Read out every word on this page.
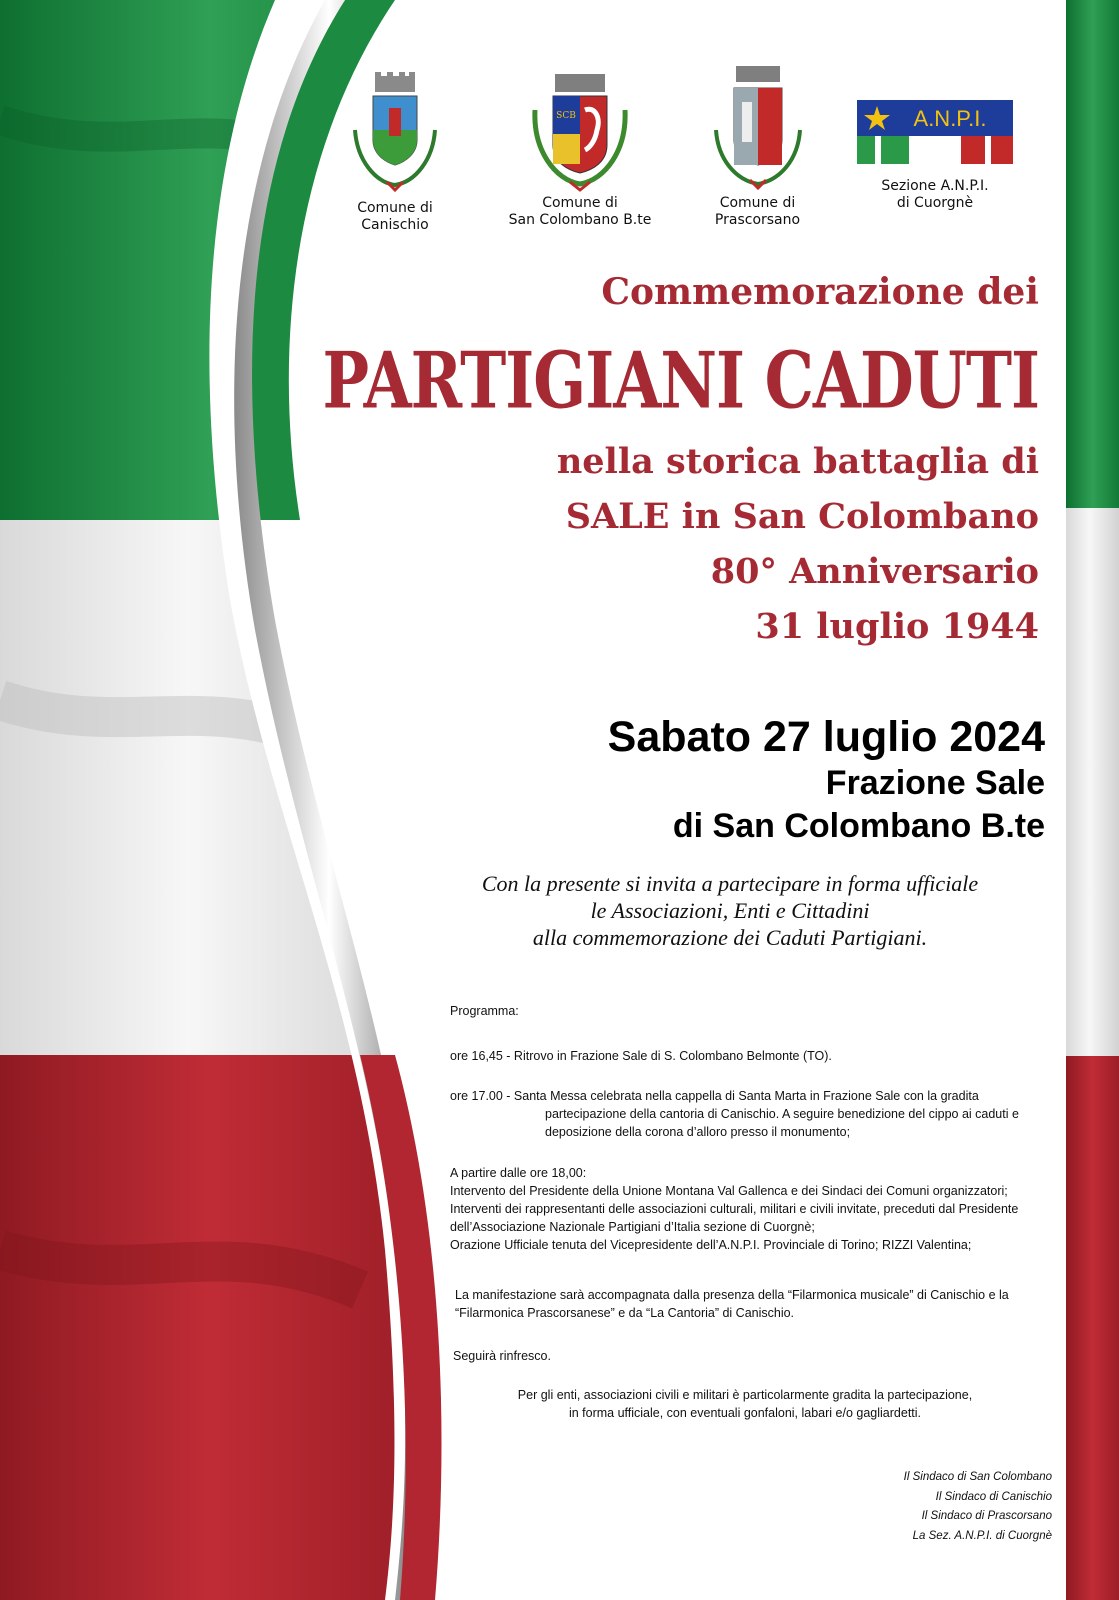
Comune di
Canischio
SCB
Comune di
San Colombano B.te
Comune di
Prascorsano
A.N.P.I.
Sezione A.N.P.I.
di Cuorgnè
Commemorazione dei
PARTIGIANI CADUTI
nella storica battaglia di
SALE in San Colombano
80° Anniversario
31 luglio 1944
Sabato 27 luglio 2024
Frazione Sale
di San Colombano B.te
Con la presente si invita a partecipare in forma ufficiale
le Associazioni, Enti e Cittadini
alla commemorazione dei Caduti Partigiani.
Programma:
ore 16,45 - Ritrovo in Frazione Sale di S. Colombano Belmonte (TO).
ore 17.00 - Santa Messa celebrata nella cappella di Santa Marta in Frazione Sale con la gradita
partecipazione della cantoria di Canischio. A seguire benedizione del cippo ai caduti e
deposizione della corona d’alloro presso il monumento;
A partire dalle ore 18,00:
Intervento del Presidente della Unione Montana Val Gallenca e dei Sindaci dei Comuni organizzatori;
Interventi dei rappresentanti delle associazioni culturali, militari e civili invitate, preceduti dal Presidente
dell’Associazione Nazionale Partigiani d’Italia sezione di Cuorgnè;
Orazione Ufficiale tenuta del Vicepresidente dell’A.N.P.I. Provinciale di Torino; RIZZI Valentina;
La manifestazione sarà accompagnata dalla presenza della “Filarmonica musicale” di Canischio e la
“Filarmonica Prascorsanese” e da “La Cantoria” di Canischio.
Seguirà rinfresco.
Per gli enti, associazioni civili e militari è particolarmente gradita la partecipazione,
in forma ufficiale, con eventuali gonfaloni, labari e/o gagliardetti.
Il Sindaco di San Colombano
Il Sindaco di Canischio
Il Sindaco di Prascorsano
La Sez. A.N.P.I. di Cuorgnè
